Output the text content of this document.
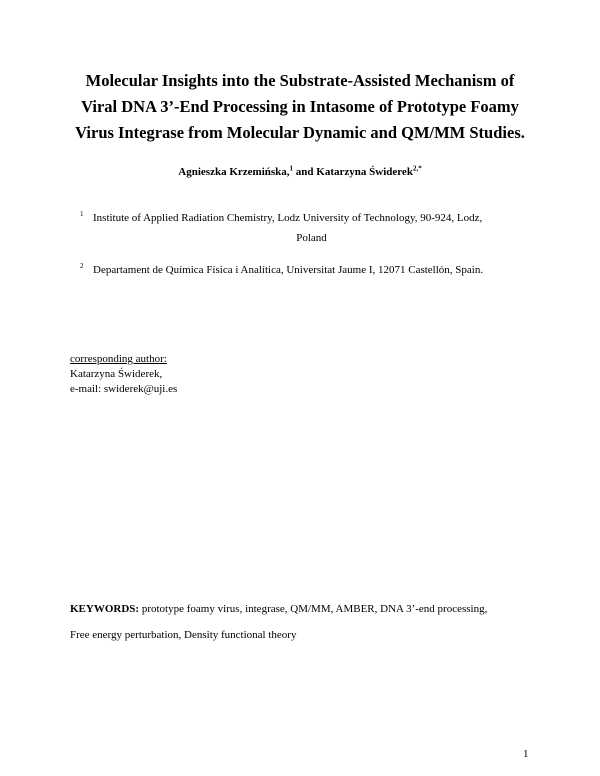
Molecular Insights into the Substrate-Assisted Mechanism of
Viral DNA 3’-End Processing in Intasome of Prototype Foamy
Virus Integrase from Molecular Dynamic and QM/MM Studies.
Agnieszka Krzemińska,$^1$ and Katarzyna Świderek$^{2,*}$
1 Institute of Applied Radiation Chemistry, Lodz University of Technology, 90-924, Lodz,
Poland
2 Departament de Química Física i Analítica, Universitat Jaume I, 12071 Castellón, Spain.
corresponding author:
Katarzyna Świderek,
e-mail: swiderek@uji.es
KEYWORDS: prototype foamy virus, integrase, QM/MM, AMBER, DNA 3’-end processing,
Free energy perturbation, Density functional theory
1
